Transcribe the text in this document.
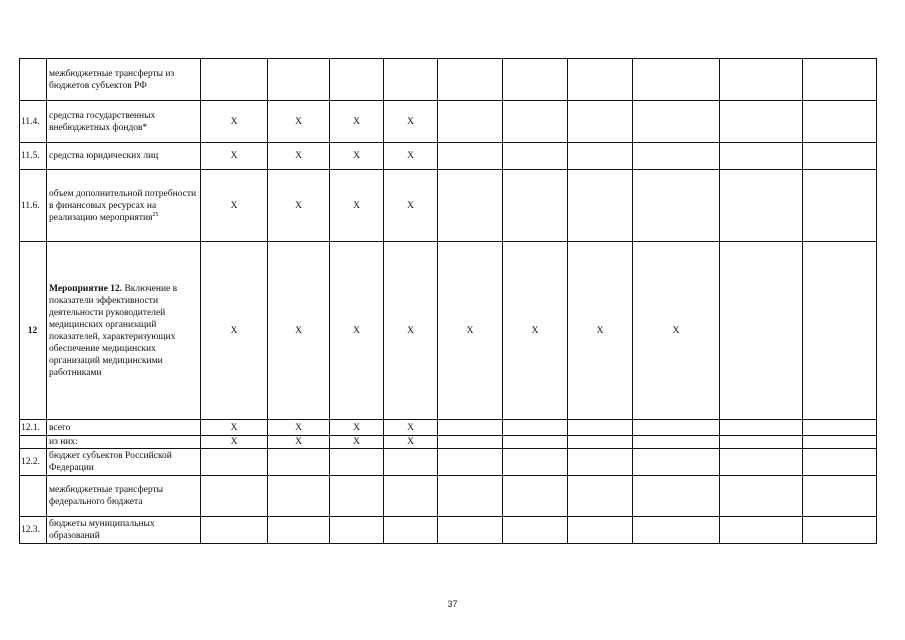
	межбюджетные трансферты из бюджетов субъектов РФ											
11.4.	средства государственных внебюджетных фондов*	X	X	X	X							
11.5.	средства юридических лиц	X	X	X	X							
11.6.	объем дополнительной потребности в финансовых ресурсах на реализацию мероприятия$^{25}$	X	X	X	X							
12	Мероприятие 12. Включение в показатели эффективности деятельности руководителей медицинских организаций показателей, характеризующих обеспечение медицинских организаций медицинскими работниками	X	X	X	X	X	X	X	X			
12.1.	всего	X	X	X	X							
	из них:	X	X	X	X							
12.2.	бюджет субъектов Российской Федерации											
	межбюджетные трансферты федерального бюджета											
12.3.	бюджеты муниципальных образований											
37
